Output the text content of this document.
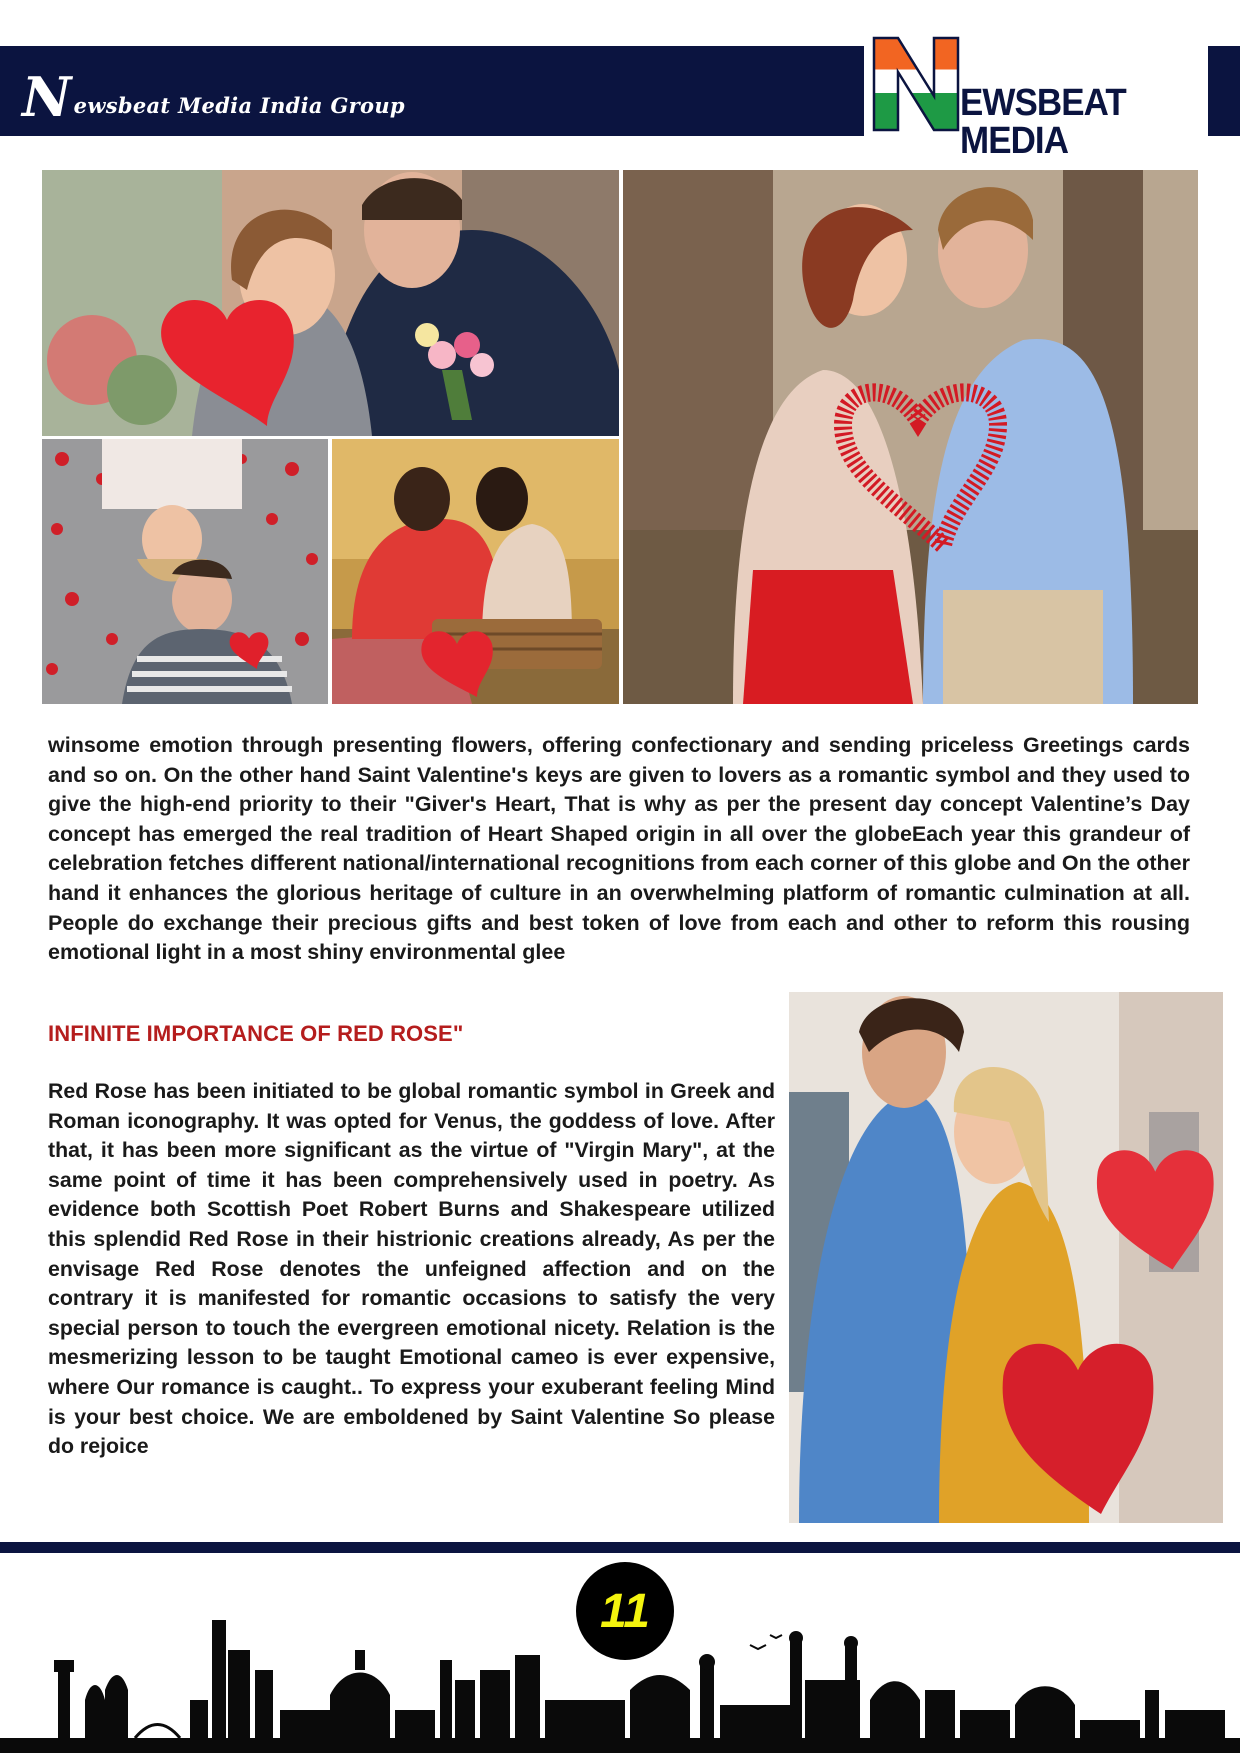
N ewsbeat Media India Group	EWSBEAT MEDIA

winsome emotion through presenting flowers, offering confectionary and sending priceless Greetings cards and so on. On the other hand Saint Valentine's keys are given to lovers as a romantic symbol and they used to give the high-end priority to their "Giver's Heart, That is why as per the present day concept Valentine’s Day concept has emerged the real tradition of Heart Shaped origin in all over the globeEach year this grandeur of celebration fetches different national/international recognitions from each corner of this globe and On the other hand it enhances the glorious heritage of culture in an overwhelming platform of romantic culmination at all. People do exchange their precious gifts and best token of love from each and other to reform this rousing emotional light in a most shiny environmental glee

INFINITE IMPORTANCE OF RED ROSE"

Red Rose has been initiated to be global romantic symbol in Greek and Roman iconography. It was opted for Venus, the goddess of love. After that, it has been more significant as the virtue of "Virgin Mary", at the same point of time it has been comprehensively used in poetry. As evidence both Scottish Poet Robert Burns and Shakespeare utilized this splendid Red Rose in their histrionic creations already, As per the envisage Red Rose denotes the unfeigned affection and on the contrary it is manifested for romantic occasions to satisfy the very special person to touch the evergreen emotional nicety. Relation is the mesmerizing lesson to be taught Emotional cameo is ever expensive, where Our romance is caught.. To express your exuberant feeling Mind is your best choice. We are emboldened by Saint Valentine So please do rejoice

11
